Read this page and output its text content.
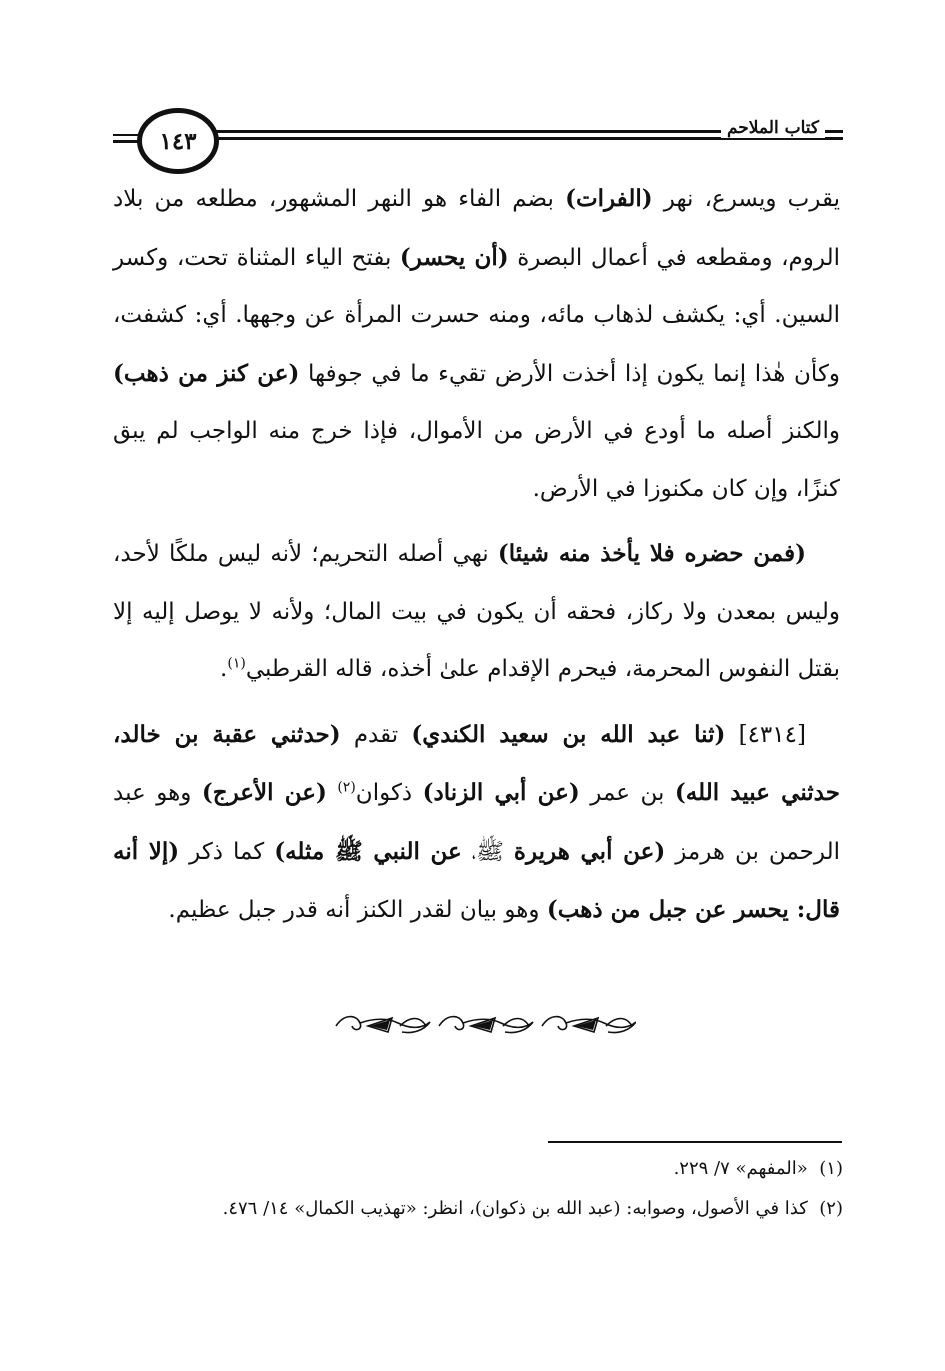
كتاب الملاحم
١٤٣

يقرب ويسرع، نهر (الفرات) بضم الفاء هو النهر المشهور، مطلعه من بلاد الروم، ومقطعه في أعمال البصرة (أن يحسر) بفتح الياء المثناة تحت، وكسر السين. أي: يكشف لذهاب مائه، ومنه حسرت المرأة عن وجهها. أي: كشفت، وكأن هٰذا إنما يكون إذا أخذت الأرض تقيء ما في جوفها (عن كنز من ذهب) والكنز أصله ما أودع في الأرض من الأموال، فإذا خرج منه الواجب لم يبق كنزًا، وإن كان مكنوزا في الأرض.

(فمن حضره فلا يأخذ منه شيئا) نهي أصله التحريم؛ لأنه ليس ملكًا لأحد، وليس بمعدن ولا ركاز، فحقه أن يكون في بيت المال؛ ولأنه لا يوصل إليه إلا بقتل النفوس المحرمة، فيحرم الإقدام علىٰ أخذه، قاله القرطبي$^{(١)}$.

[٤٣١٤] (ثنا عبد الله بن سعيد الكندي) تقدم (حدثني عقبة بن خالد، حدثني عبيد الله) بن عمر (عن أبي الزناد) ذكوان$^{(٢)}$ (عن الأعرج) وهو عبد الرحمن بن هرمز (عن أبي هريرة ﷺ، عن النبي ﷺ مثله) كما ذكر (إلا أنه قال: يحسر عن جبل من ذهب) وهو بيان لقدر الكنز أنه قدر جبل عظيم.

(١)  «المفهم» ٧/ ٢٢٩.

(٢)  كذا في الأصول، وصوابه: (عبد الله بن ذكوان)، انظر: «تهذيب الكمال» ١٤/ ٤٧٦.
